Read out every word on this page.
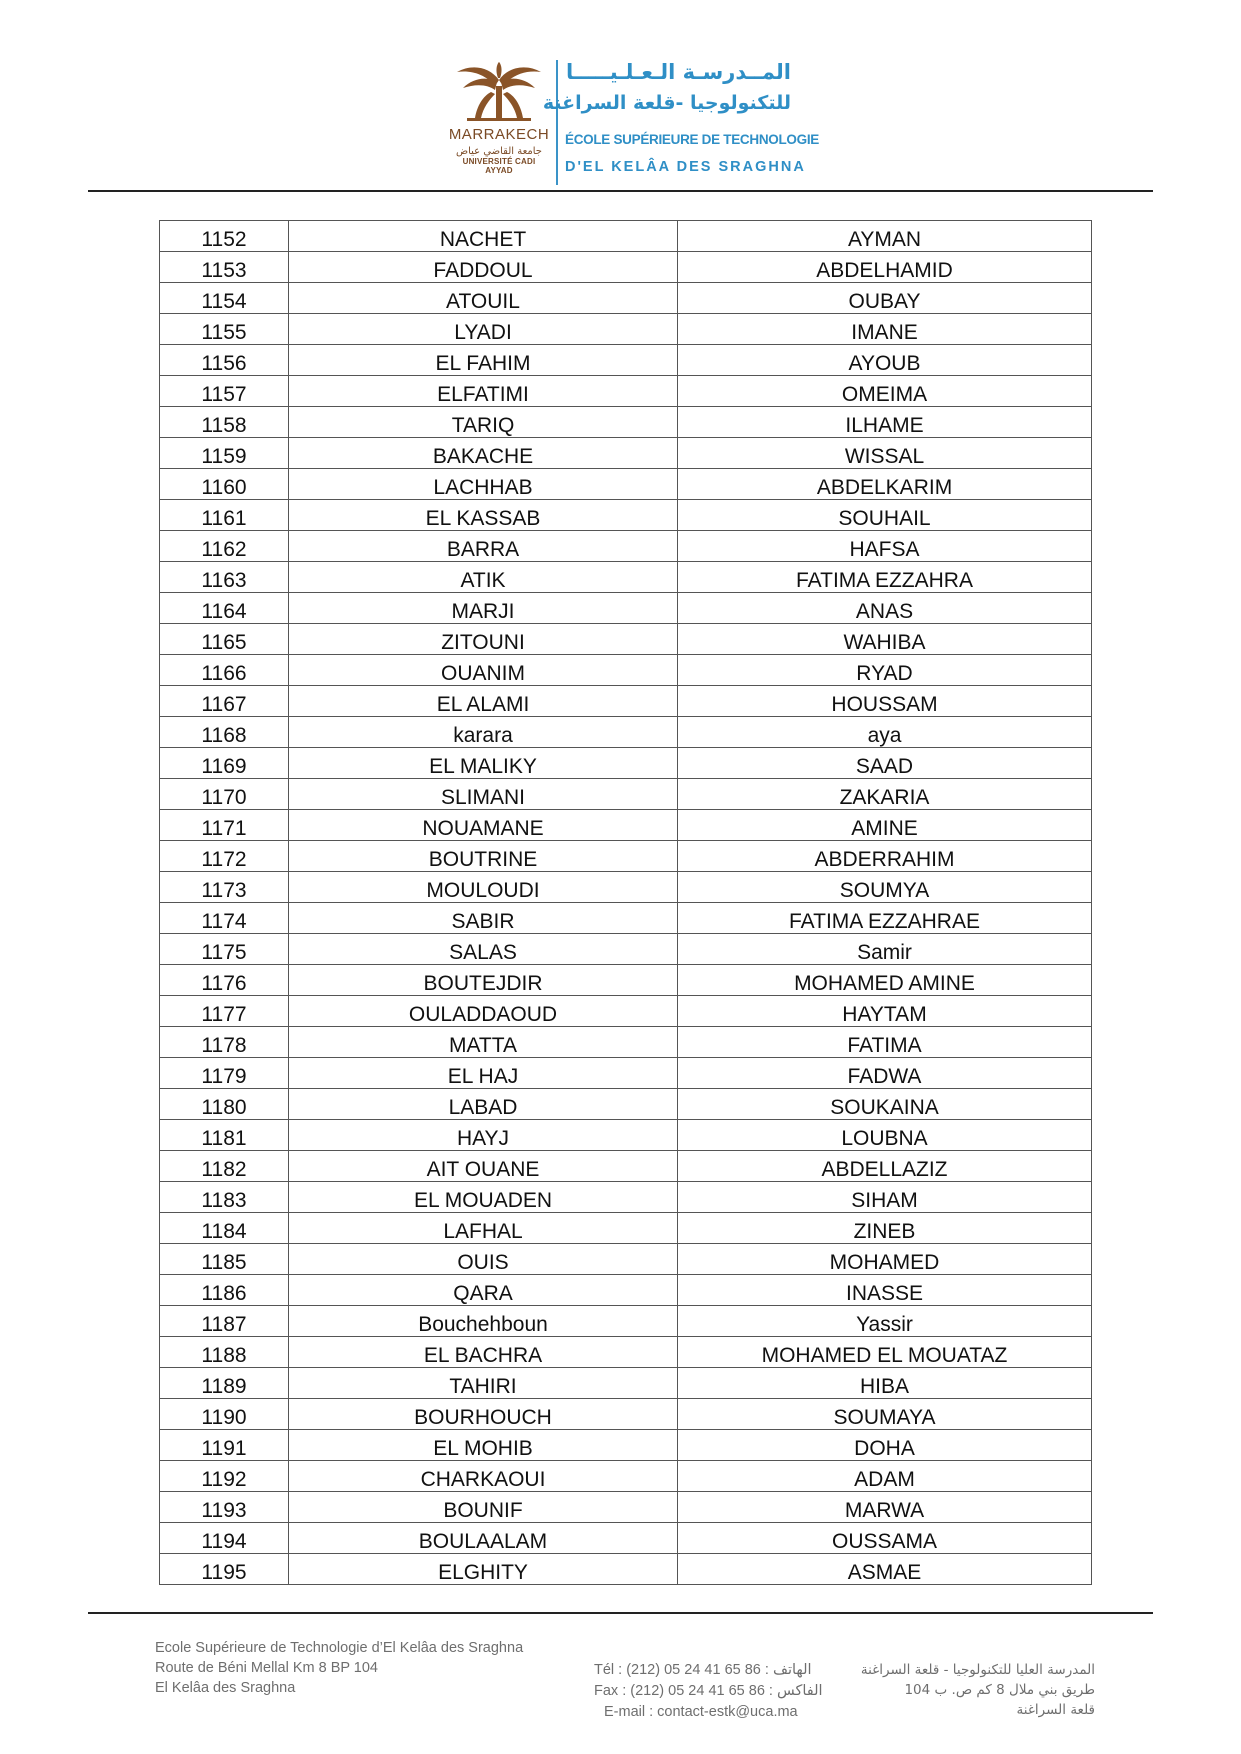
MARRAKECH
جامعة القاضي عياض
UNIVERSITÉ CADI AYYAD
المــدرسـة الـعـلـيـــــا
للتكنولوجيا -قلعة السراغنة
ÉCOLE SUPÉRIEURE DE TECHNOLOGIE
D'EL KELÂA DES SRAGHNA
1152	NACHET	AYMAN
1153	FADDOUL	ABDELHAMID
1154	ATOUIL	OUBAY
1155	LYADI	IMANE
1156	EL FAHIM	AYOUB
1157	ELFATIMI	OMEIMA
1158	TARIQ	ILHAME
1159	BAKACHE	WISSAL
1160	LACHHAB	ABDELKARIM
1161	EL KASSAB	SOUHAIL
1162	BARRA	HAFSA
1163	ATIK	FATIMA EZZAHRA
1164	MARJI	ANAS
1165	ZITOUNI	WAHIBA
1166	OUANIM	RYAD
1167	EL ALAMI	HOUSSAM
1168	karara	aya
1169	EL MALIKY	SAAD
1170	SLIMANI	ZAKARIA
1171	NOUAMANE	AMINE
1172	BOUTRINE	ABDERRAHIM
1173	MOULOUDI	SOUMYA
1174	SABIR	FATIMA EZZAHRAE
1175	SALAS	Samir
1176	BOUTEJDIR	MOHAMED AMINE
1177	OULADDAOUD	HAYTAM
1178	MATTA	FATIMA
1179	EL HAJ	FADWA
1180	LABAD	SOUKAINA
1181	HAYJ	LOUBNA
1182	AIT OUANE	ABDELLAZIZ
1183	EL MOUADEN	SIHAM
1184	LAFHAL	ZINEB
1185	OUIS	MOHAMED
1186	QARA	INASSE
1187	Bouchehboun	Yassir
1188	EL BACHRA	MOHAMED EL MOUATAZ
1189	TAHIRI	HIBA
1190	BOURHOUCH	SOUMAYA
1191	EL MOHIB	DOHA
1192	CHARKAOUI	ADAM
1193	BOUNIF	MARWA
1194	BOULAALAM	OUSSAMA
1195	ELGHITY	ASMAE
Ecole Supérieure de Technologie d’El Kelâa des Sraghna
Route de Béni Mellal Km 8 BP 104
El Kelâa des Sraghna
Tél : (212) 05 24 41 65 86 : الهاتف
Fax : (212) 05 24 41 65 86 : الفاكس
E-mail : contact-estk@uca.ma
المدرسة العليا للتكنولوجيا - قلعة السراغنة
طريق بني ملال 8 كم ص. ب 104
قلعة السراغنة
